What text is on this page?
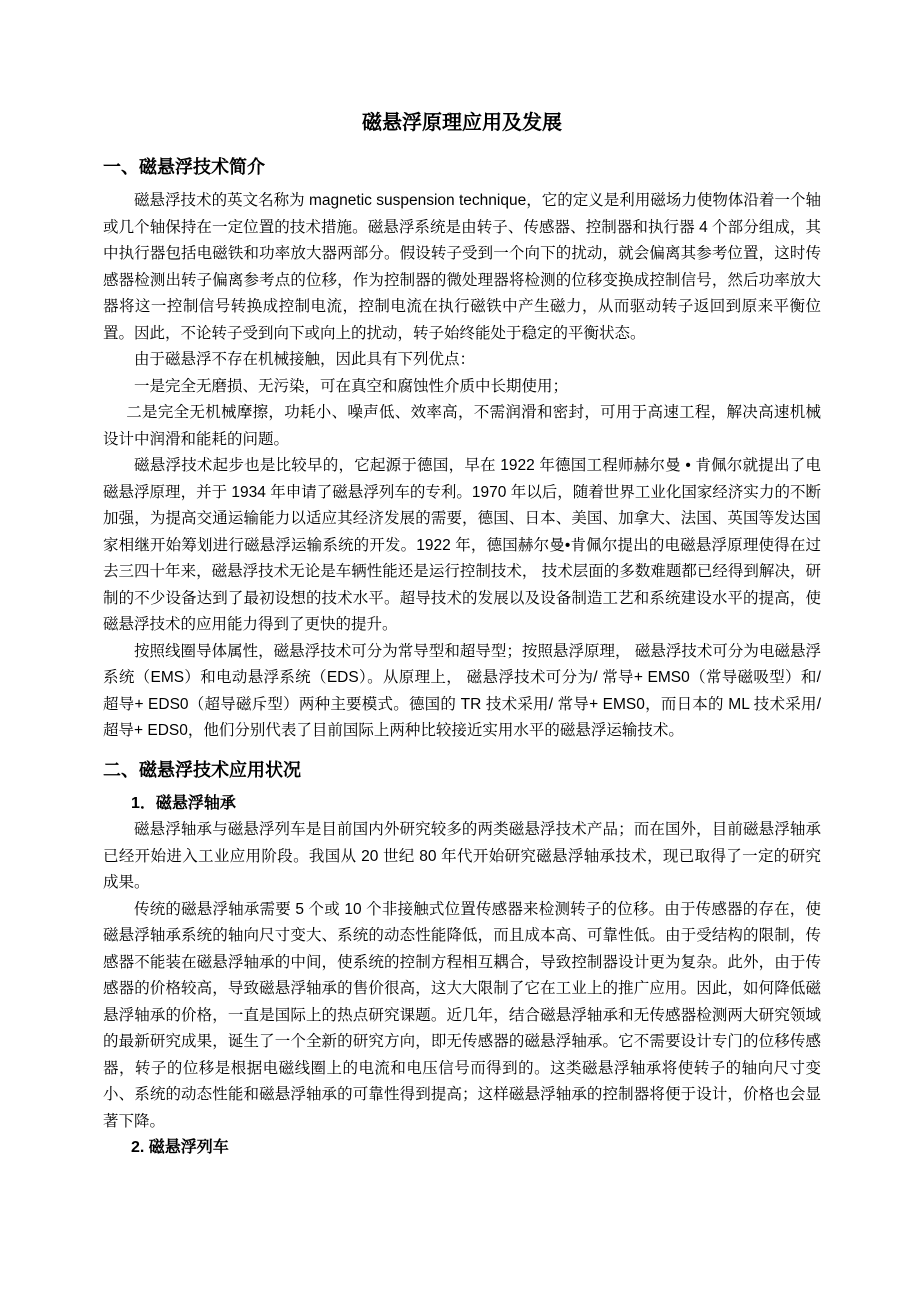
磁悬浮原理应用及发展
一、磁悬浮技术简介

磁悬浮技术的英文名称为 magnetic suspension technique，它的定义是利用磁场力使物体沿着一个轴或几个轴保持在一定位置的技术措施。磁悬浮系统是由转子、传感器、控制器和执行器 4 个部分组成，其中执行器包括电磁铁和功率放大器两部分。假设转子受到一个向下的扰动，就会偏离其参考位置，这时传感器检测出转子偏离参考点的位移，作为控制器的微处理器将检测的位移变换成控制信号，然后功率放大器将这一控制信号转换成控制电流，控制电流在执行磁铁中产生磁力，从而驱动转子返回到原来平衡位置。因此，不论转子受到向下或向上的扰动，转子始终能处于稳定的平衡状态。

由于磁悬浮不存在机械接触，因此具有下列优点：

一是完全无磨损、无污染，可在真空和腐蚀性介质中长期使用；

二是完全无机械摩擦，功耗小、噪声低、效率高，不需润滑和密封，可用于高速工程，解决高速机械设计中润滑和能耗的问题。

磁悬浮技术起步也是比较早的，它起源于德国，早在 1922 年德国工程师赫尔曼 • 肯佩尔就提出了电磁悬浮原理，并于 1934 年申请了磁悬浮列车的专利。1970 年以后，随着世界工业化国家经济实力的不断加强，为提高交通运输能力以适应其经济发展的需要，德国、日本、美国、加拿大、法国、英国等发达国家相继开始筹划进行磁悬浮运输系统的开发。1922 年，德国赫尔曼•肯佩尔提出的电磁悬浮原理使得在过去三四十年来，磁悬浮技术无论是车辆性能还是运行控制技术， 技术层面的多数难题都已经得到解决，研制的不少设备达到了最初设想的技术水平。超导技术的发展以及设备制造工艺和系统建设水平的提高，使磁悬浮技术的应用能力得到了更快的提升。

按照线圈导体属性，磁悬浮技术可分为常导型和超导型；按照悬浮原理， 磁悬浮技术可分为电磁悬浮系统（EMS）和电动悬浮系统（EDS）。从原理上， 磁悬浮技术可分为/ 常导+ EMS0（常导磁吸型）和/ 超导+ EDS0（超导磁斥型）两种主要模式。德国的 TR 技术采用/ 常导+ EMS0，而日本的 ML 技术采用/ 超导+ EDS0，他们分别代表了目前国际上两种比较接近实用水平的磁悬浮运输技术。

二、磁悬浮技术应用状况
1．磁悬浮轴承

磁悬浮轴承与磁悬浮列车是目前国内外研究较多的两类磁悬浮技术产品；而在国外，目前磁悬浮轴承已经开始进入工业应用阶段。我国从 20 世纪 80 年代开始研究磁悬浮轴承技术，现已取得了一定的研究成果。

传统的磁悬浮轴承需要 5 个或 10 个非接触式位置传感器来检测转子的位移。由于传感器的存在，使磁悬浮轴承系统的轴向尺寸变大、系统的动态性能降低，而且成本高、可靠性低。由于受结构的限制，传感器不能装在磁悬浮轴承的中间，使系统的控制方程相互耦合，导致控制器设计更为复杂。此外，由于传感器的价格较高，导致磁悬浮轴承的售价很高，这大大限制了它在工业上的推广应用。因此，如何降低磁悬浮轴承的价格，一直是国际上的热点研究课题。近几年，结合磁悬浮轴承和无传感器检测两大研究领域的最新研究成果，诞生了一个全新的研究方向，即无传感器的磁悬浮轴承。它不需要设计专门的位移传感器，转子的位移是根据电磁线圈上的电流和电压信号而得到的。这类磁悬浮轴承将使转子的轴向尺寸变小、系统的动态性能和磁悬浮轴承的可靠性得到提高；这样磁悬浮轴承的控制器将便于设计，价格也会显著下降。

2. 磁悬浮列车
